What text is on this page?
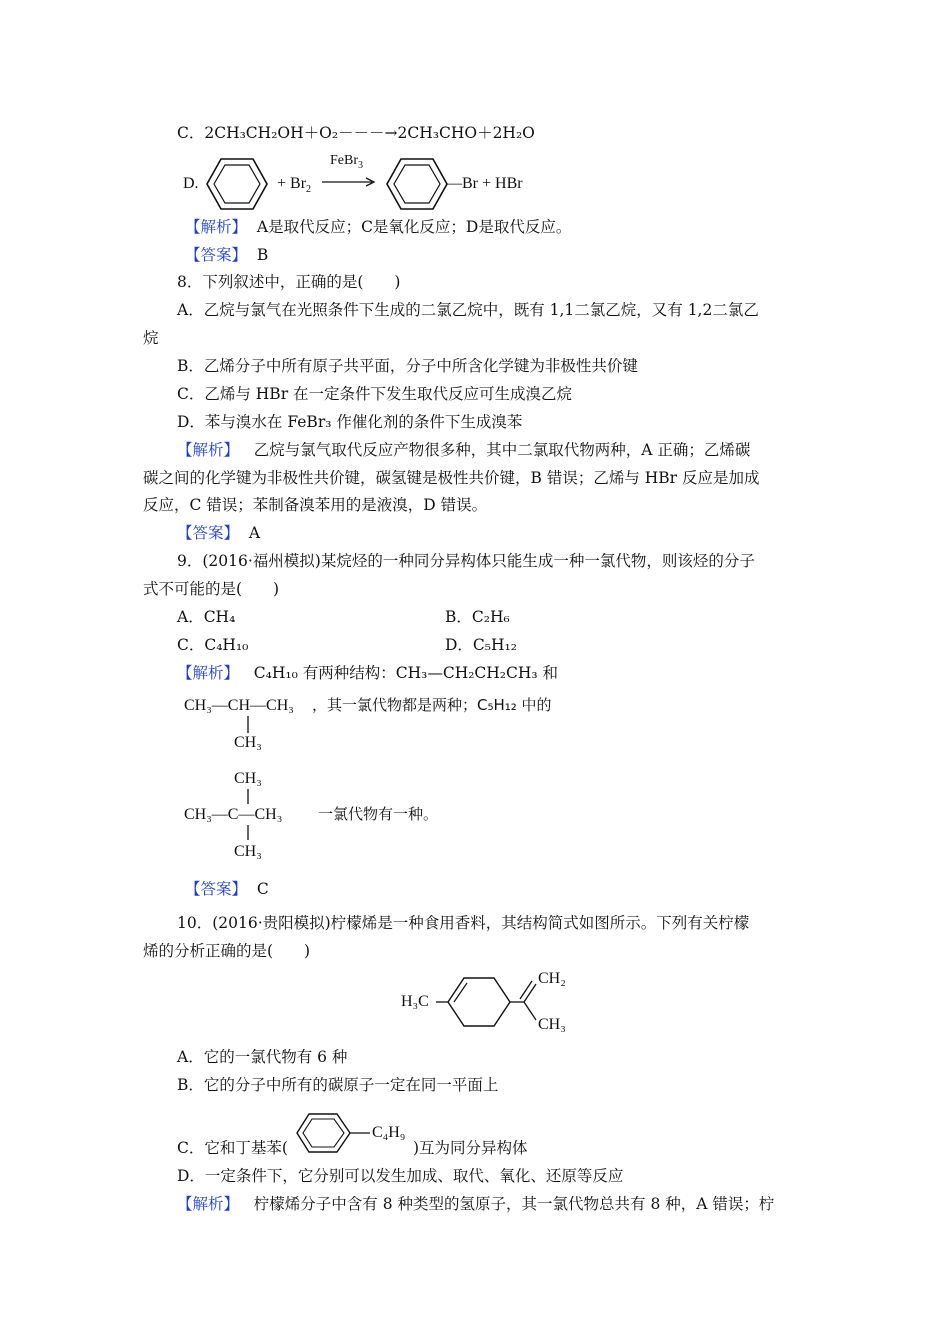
C．2CH₃CH₂OH＋O₂－－－→2CH₃CHO＋2H₂O
D.	+ $Br_2$
FeBr$_3$
—Br + HBr
【解析】 A是取代反应；C是氧化反应；D是取代反应。
【答案】 B
8．下列叙述中，正确的是(　　)
A．乙烷与氯气在光照条件下生成的二氯乙烷中，既有 1,1二氯乙烷，又有 1,2二氯乙
烷
B．乙烯分子中所有原子共平面，分子中所含化学键为非极性共价键
C．乙烯与 HBr 在一定条件下发生取代反应可生成溴乙烷
D．苯与溴水在 FeBr₃ 作催化剂的条件下生成溴苯
【解析】 乙烷与氯气取代反应产物很多种，其中二氯取代物两种，A 正确；乙烯碳
碳之间的化学键为非极性共价键，碳氢键是极性共价键，B 错误；乙烯与 HBr 反应是加成
反应，C 错误；苯制备溴苯用的是液溴，D 错误。
【答案】 A
9．(2016·福州模拟)某烷烃的一种同分异构体只能生成一种一氯代物，则该烃的分子
式不可能的是(　　)
A．CH₄	B．C₂H₆
C．C₄H₁₀	D．C₅H₁₂
【解析】 C₄H₁₀ 有两种结构：CH₃—CH₂CH₂CH₃ 和
CH₃—CH—CH₃
CH₃
，其一氯代物都是两种；C₅H₁₂ 中的
CH₃
CH₃—C—CH₃
CH₃
一氯代物有一种。
【答案】 C
10．(2016·贵阳模拟)柠檬烯是一种食用香料，其结构简式如图所示。下列有关柠檬
烯的分析正确的是(　　)
H₃C
CH₂
CH₃
A．它的一氯代物有 6 种
B．它的分子中所有的碳原子一定在同一平面上
C．它和丁基苯(
C₄H₉
)互为同分异构体
D．一定条件下，它分别可以发生加成、取代、氧化、还原等反应
【解析】 柠檬烯分子中含有 8 种类型的氢原子，其一氯代物总共有 8 种，A 错误；柠
